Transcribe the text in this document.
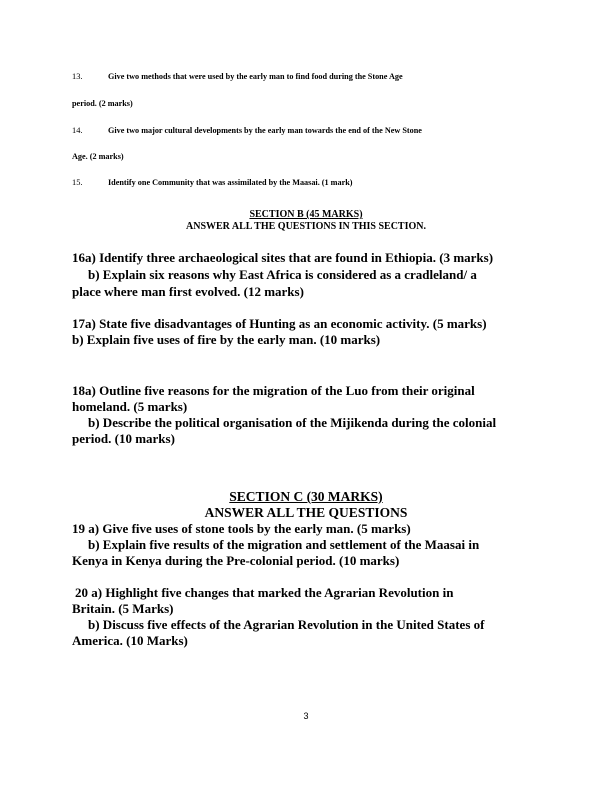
13.	Give two methods that were used by the early man to find food during the Stone Age
period. (2 marks)
14.	Give two major cultural developments by the early man towards the end of the New Stone
Age. (2 marks)
15.	Identify one Community that was assimilated by the Maasai. (1 mark)
SECTION B (45 MARKS)
ANSWER ALL THE QUESTIONS IN THIS SECTION.
16a) Identify three archaeological sites that are found in Ethiopia. (3 marks)
b) Explain six reasons why East Africa is considered as a cradleland/ a
place where man first evolved. (12 marks)
17a) State five disadvantages of Hunting as an economic activity. (5 marks)
b) Explain five uses of fire by the early man. (10 marks)
18a) Outline five reasons for the migration of the Luo from their original
homeland. (5 marks)
b) Describe the political organisation of the Mijikenda during the colonial
period. (10 marks)
SECTION C (30 MARKS)
ANSWER ALL THE QUESTIONS
19 a) Give five uses of stone tools by the early man. (5 marks)
b) Explain five results of the migration and settlement of the Maasai in
Kenya in Kenya during the Pre-colonial period. (10 marks)
20 a) Highlight five changes that marked the Agrarian Revolution in
Britain. (5 Marks)
b) Discuss five effects of the Agrarian Revolution in the United States of
America. (10 Marks)
3
